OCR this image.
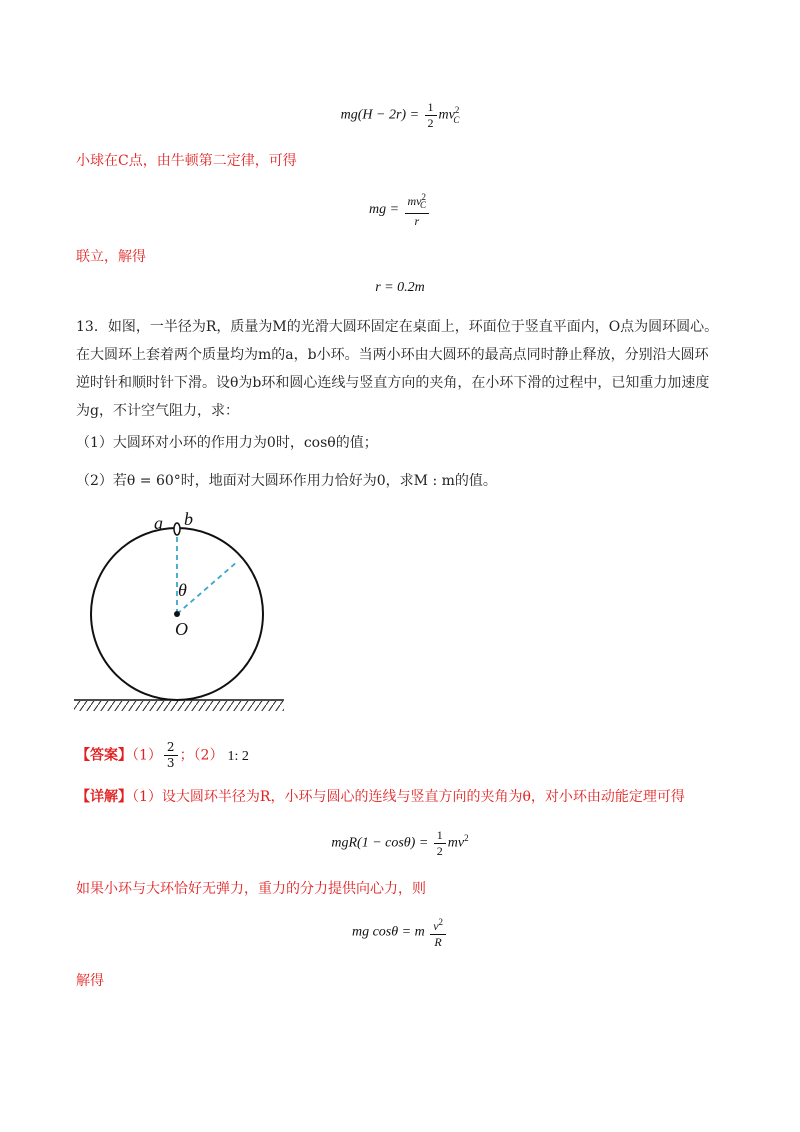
$mg(H - 2r) = \frac{1}{2} mv^2_C$
小球在C点，由牛顿第二定律，可得
mg = $\frac{mv^2_C}{r}$
联立，解得
r = 0.2m
13．如图，一半径为R，质量为M的光滑大圆环固定在桌面上，环面位于竖直平面内，O点为圆环圆心。
在大圆环上套着两个质量均为m的a，b小环。当两小环由大圆环的最高点同时静止释放，分别沿大圆环
逆时针和顺时针下滑。设θ为b环和圆心连线与竖直方向的夹角，在小环下滑的过程中，已知重力加速度
为g，不计空气阻力，求：
（1）大圆环对小环的作用力为0时，cosθ的值；
（2）若θ = 60°时，地面对大圆环作用力恰好为0，求M : m的值。
a b
θ
O
【答案】$(1) \frac{2}{3}$ ；（2） 1: 2
【详解】（1）设大圆环半径为R，小环与圆心的连线与竖直方向的夹角为θ，对小环由动能定理可得
$mgR(1 - \cos\theta) = \frac{1}{2} mv^2$
如果小环与大环恰好无弹力，重力的分力提供向心力，则
mg cosθ = m $\frac{v^2}{R}$
解得
